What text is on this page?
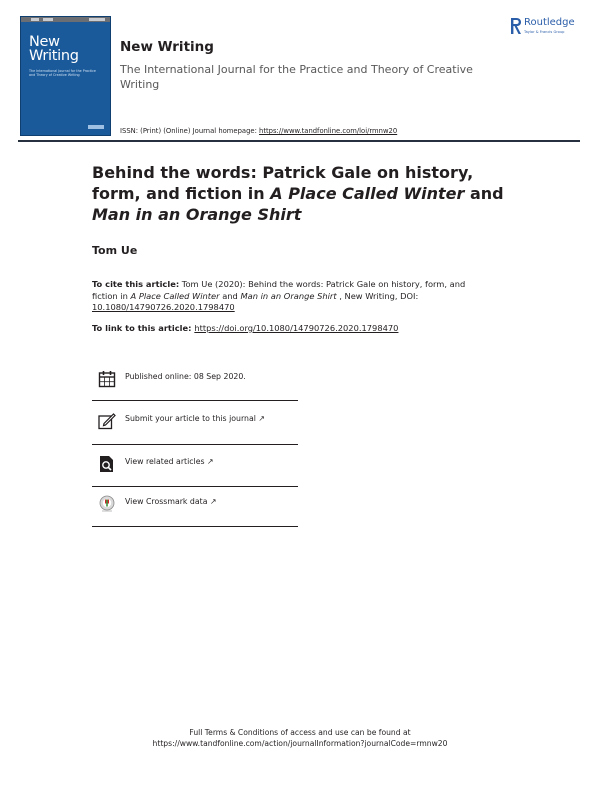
New
Writing
The International Journal for the Practice and Theory of Creative Writing
New Writing
The International Journal for the Practice and Theory of Creative Writing
ISSN: (Print) (Online) Journal homepage: https://www.tandfonline.com/loi/rmnw20
Routledge
Taylor & Francis Group
Behind the words: Patrick Gale on history, form, and fiction in A Place Called Winter and Man in an Orange Shirt
Tom Ue
To cite this article: Tom Ue (2020): Behind the words: Patrick Gale on history, form, and fiction in A Place Called Winter and Man in an Orange Shirt , New Writing, DOI:
10.1080/14790726.2020.1798470
To link to this article: https://doi.org/10.1080/14790726.2020.1798470
Published online: 08 Sep 2020.
Submit your article to this journal ↗
View related articles ↗
View Crossmark data ↗
Full Terms & Conditions of access and use can be found at
https://www.tandfonline.com/action/journalInformation?journalCode=rmnw20
